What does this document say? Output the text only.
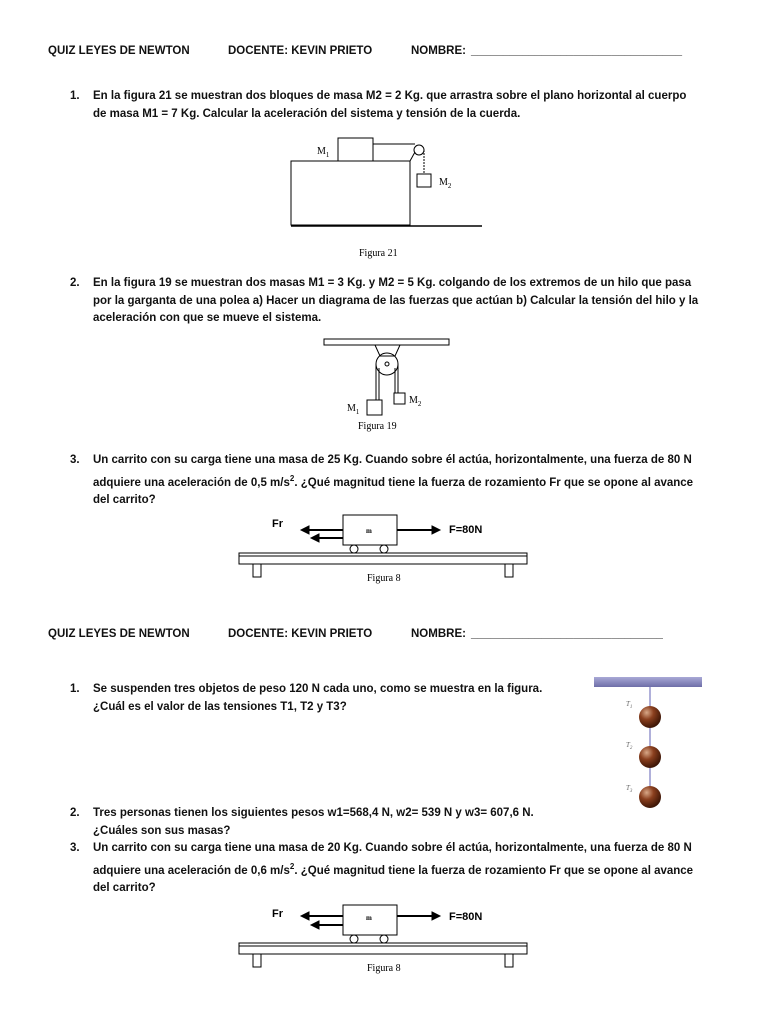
QUIZ LEYES DE NEWTON	DOCENTE: KEVIN PRIETO	NOMBRE: _________________________________
1. En la figura 21 se muestran dos bloques de masa M2 = 2 Kg. que arrastra sobre el plano horizontal al cuerpo
de masa M1 = 7 Kg. Calcular la aceleración del sistema y tensión de la cuerda.
$M_1$
$M_2$
Figura 21
2. En la figura 19 se muestran dos masas M1 = 3 Kg. y M2 = 5 Kg. colgando de los extremos de un hilo que pasa
por la garganta de una polea a) Hacer un diagrama de las fuerzas que actúan b) Calcular la tensión del hilo y la
aceleración con que se mueve el sistema.
$M_1$
$M_2$
Figura 19
3. Un carrito con su carga tiene una masa de 25 Kg. Cuando sobre él actúa, horizontalmente, una fuerza de 80 N
adquiere una aceleración de 0,5 $m/s^2$. ¿Qué magnitud tiene la fuerza de rozamiento Fr que se opone al avance
del carrito?
Fr	F=80N
m
Figura 8
QUIZ LEYES DE NEWTON	DOCENTE: KEVIN PRIETO	NOMBRE: ______________________________
1. Se suspenden tres objetos de peso 120 N cada uno, como se muestra en la figura.
¿Cuál es el valor de las tensiones T1, T2 y T3?	$T_1$
$T_2$
$T_3$
2. Tres personas tienen los siguientes pesos w1=568,4 N, w2= 539 N y w3= 607,6 N.
¿Cuáles son sus masas?
3. Un carrito con su carga tiene una masa de 20 Kg. Cuando sobre él actúa, horizontalmente, una fuerza de 80 N
adquiere una aceleración de 0,6 $m/s^2$. ¿Qué magnitud tiene la fuerza de rozamiento Fr que se opone al avance
del carrito?
Fr	F=80N
m
Figura 8
